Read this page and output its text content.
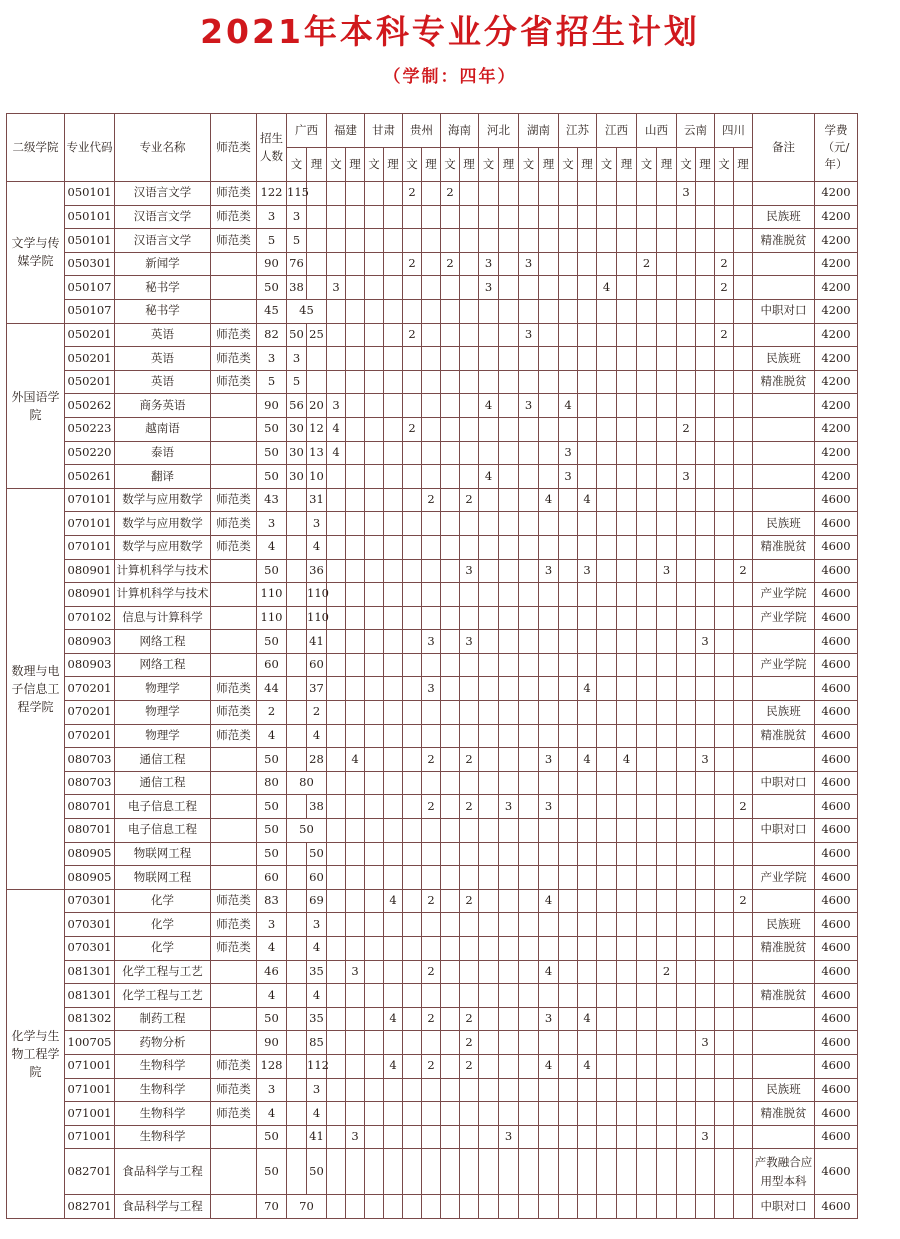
2021年本科专业分省招生计划
（学制：四年）
二级学院	专业代码	专业名称	师范类	招生人数	广西		福建		甘肃		贵州		海南		河北		湖南		江苏		江西		山西		云南		四川		备注	学费（元/年）
					文	理	文	理	文	理	文	理	文	理	文	理	文	理	文	理	文	理	文	理	文	理	文	理		
文学与传媒学院	050101	汉语言文学	师范类	122	115						2		2												3					4200
	050101	汉语言文学	师范类	3	3																								民族班	4200
	050101	汉语言文学	师范类	5	5																								精准脱贫	4200
	050301	新闻学		90	76						2		2		3		3						2				2			4200
	050107	秘书学		50	38		3								3						4						2			4200
	050107	秘书学		45	45																								中职对口	4200
外国语学院	050201	英语	师范类	82	50	25					2						3										2			4200
	050201	英语	师范类	3	3																								民族班	4200
	050201	英语	师范类	5	5																								精准脱贫	4200
	050262	商务英语		90	56	20	3								4		3		4											4200
	050223	越南语		50	30	12	4				2														2					4200
	050220	泰语		50	30	13	4												3											4200
	050261	翻译		50	30	10									4				3						3					4200
数理与电子信息工程学院	070101	数学与应用数学	师范类	43		31						2		2				4		4										4600
	070101	数学与应用数学	师范类	3		3																							民族班	4600
	070101	数学与应用数学	师范类	4		4																							精准脱贫	4600
	080901	计算机科学与技术		50		36								3				3		3				3				2		4600
	080901	计算机科学与技术		110		110																							产业学院	4600
	070102	信息与计算科学		110		110																							产业学院	4600
	080903	网络工程		50		41						3		3												3				4600
	080903	网络工程		60		60																							产业学院	4600
	070201	物理学	师范类	44		37						3								4										4600
	070201	物理学	师范类	2		2																							民族班	4600
	070201	物理学	师范类	4		4																							精准脱贫	4600
	080703	通信工程		50		28		4				2		2				3		4		4				3				4600
	080703	通信工程		80	80																								中职对口	4600
	080701	电子信息工程		50		38						2		2		3		3										2		4600
	080701	电子信息工程		50	50																								中职对口	4600
	080905	物联网工程		50		50																								4600
	080905	物联网工程		60		60																							产业学院	4600
化学与生物工程学院	070301	化学	师范类	83		69				4		2		2				4										2		4600
	070301	化学	师范类	3		3																							民族班	4600
	070301	化学	师范类	4		4																							精准脱贫	4600
	081301	化学工程与工艺		46		35		3				2						4						2						4600
	081301	化学工程与工艺		4		4																							精准脱贫	4600
	081302	制药工程		50		35				4		2		2				3		4										4600
	100705	药物分析		90		85								2												3				4600
	071001	生物科学	师范类	128		112				4		2		2				4		4										4600
	071001	生物科学	师范类	3		3																							民族班	4600
	071001	生物科学	师范类	4		4																							精准脱贫	4600
	071001	生物科学		50		41		3								3										3				4600
	082701	食品科学与工程		50		50																							产教融合应用型本科	4600
	082701	食品科学与工程		70	70																								中职对口	4600
